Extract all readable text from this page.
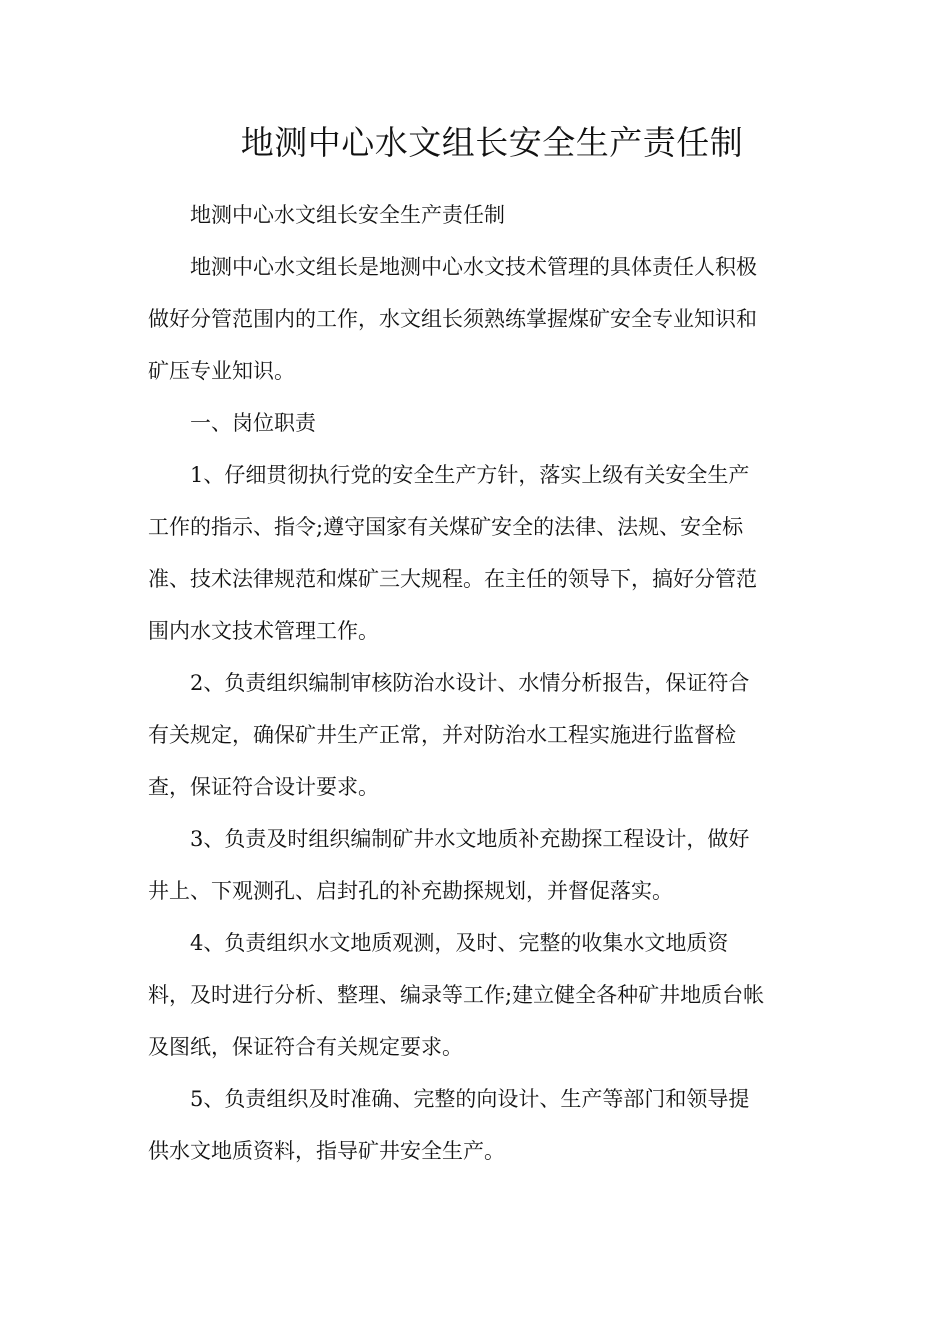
地测中心水文组长安全生产责任制

　　地测中心水文组长安全生产责任制

　　地测中心水文组长是地测中心水文技术管理的具体责任人积极
做好分管范围内的工作，水文组长须熟练掌握煤矿安全专业知识和
矿压专业知识。

　　一、岗位职责

　　1、仔细贯彻执行党的安全生产方针，落实上级有关安全生产
工作的指示、指令;遵守国家有关煤矿安全的法律、法规、安全标
准、技术法律规范和煤矿三大规程。在主任的领导下，搞好分管范
围内水文技术管理工作。

　　2、负责组织编制审核防治水设计、水情分析报告，保证符合
有关规定，确保矿井生产正常，并对防治水工程实施进行监督检
查，保证符合设计要求。

　　3、负责及时组织编制矿井水文地质补充勘探工程设计，做好
井上、下观测孔、启封孔的补充勘探规划，并督促落实。

　　4、负责组织水文地质观测，及时、完整的收集水文地质资
料，及时进行分析、整理、编录等工作;建立健全各种矿井地质台帐
及图纸，保证符合有关规定要求。

　　5、负责组织及时准确、完整的向设计、生产等部门和领导提
供水文地质资料，指导矿井安全生产。
